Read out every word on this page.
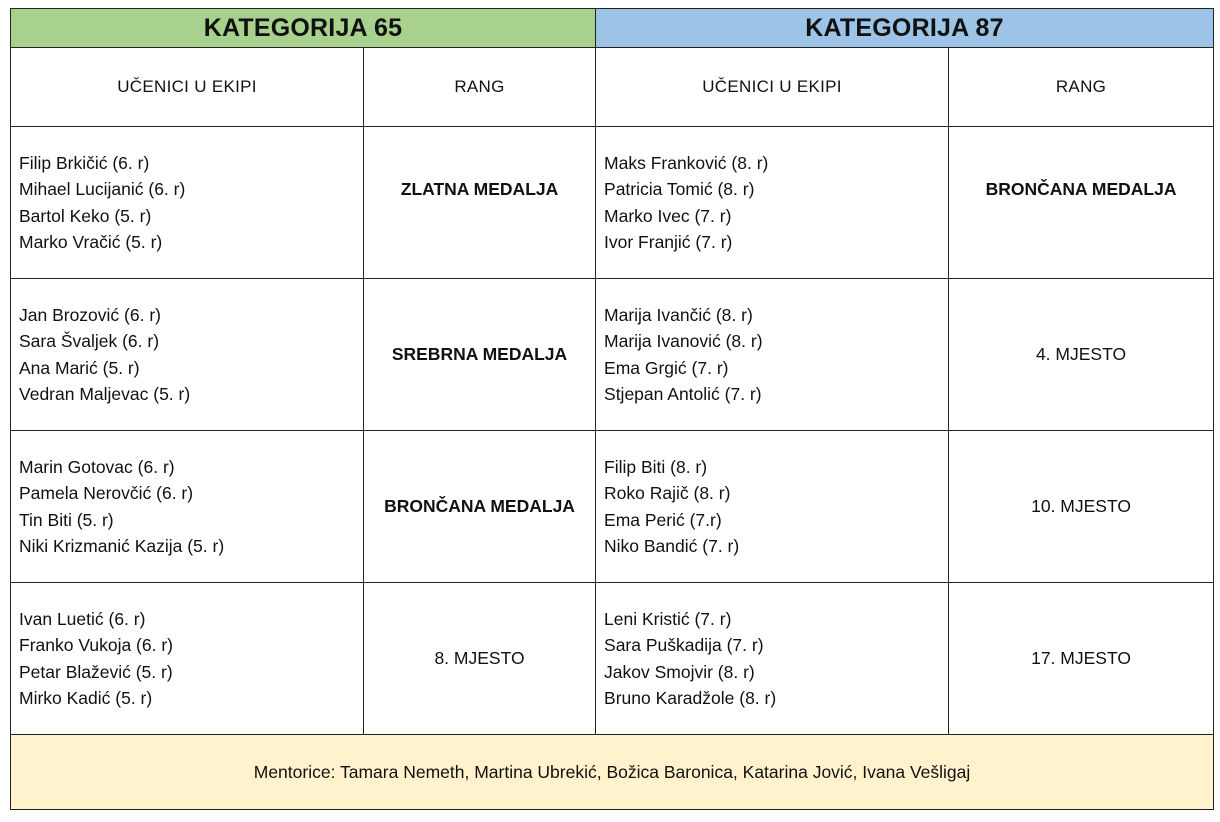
KATEGORIJA 65		KATEGORIJA 87	
UČENICI U EKIPI	RANG	UČENICI U EKIPI	RANG

Filip Brkičić (6. r)
Mihael Lucijanić (6. r)
Bartol Keko (5. r)
Marko Vračić (5. r)	ZLATNA MEDALJA	Maks Franković (8. r)
Patricia Tomić (8. r)
Marko Ivec (7. r)
Ivor Franjić (7. r)	BRONČANA MEDALJA

Jan Brozović (6. r)
Sara Švaljek (6. r)
Ana Marić (5. r)
Vedran Maljevac (5. r)	SREBRNA MEDALJA	Marija Ivančić (8. r)
Marija Ivanović (8. r)
Ema Grgić (7. r)
Stjepan Antolić (7. r)	4. MJESTO

Marin Gotovac (6. r)
Pamela Nerovčić (6. r)
Tin Biti (5. r)
Niki Krizmanić Kazija (5. r)	BRONČANA MEDALJA	Filip Biti (8. r)
Roko Rajič (8. r)
Ema Perić (7.r)
Niko Bandić (7. r)	10. MJESTO

Ivan Luetić (6. r)
Franko Vukoja (6. r)
Petar Blažević (5. r)
Mirko Kadić (5. r)	8. MJESTO	Leni Kristić (7. r)
Sara Puškadija (7. r)
Jakov Smojvir (8. r)
Bruno Karadžole (8. r)	17. MJESTO
Mentorice: Tamara Nemeth, Martina Ubrekić, Božica Baronica, Katarina Jović, Ivana Vešligaj			
